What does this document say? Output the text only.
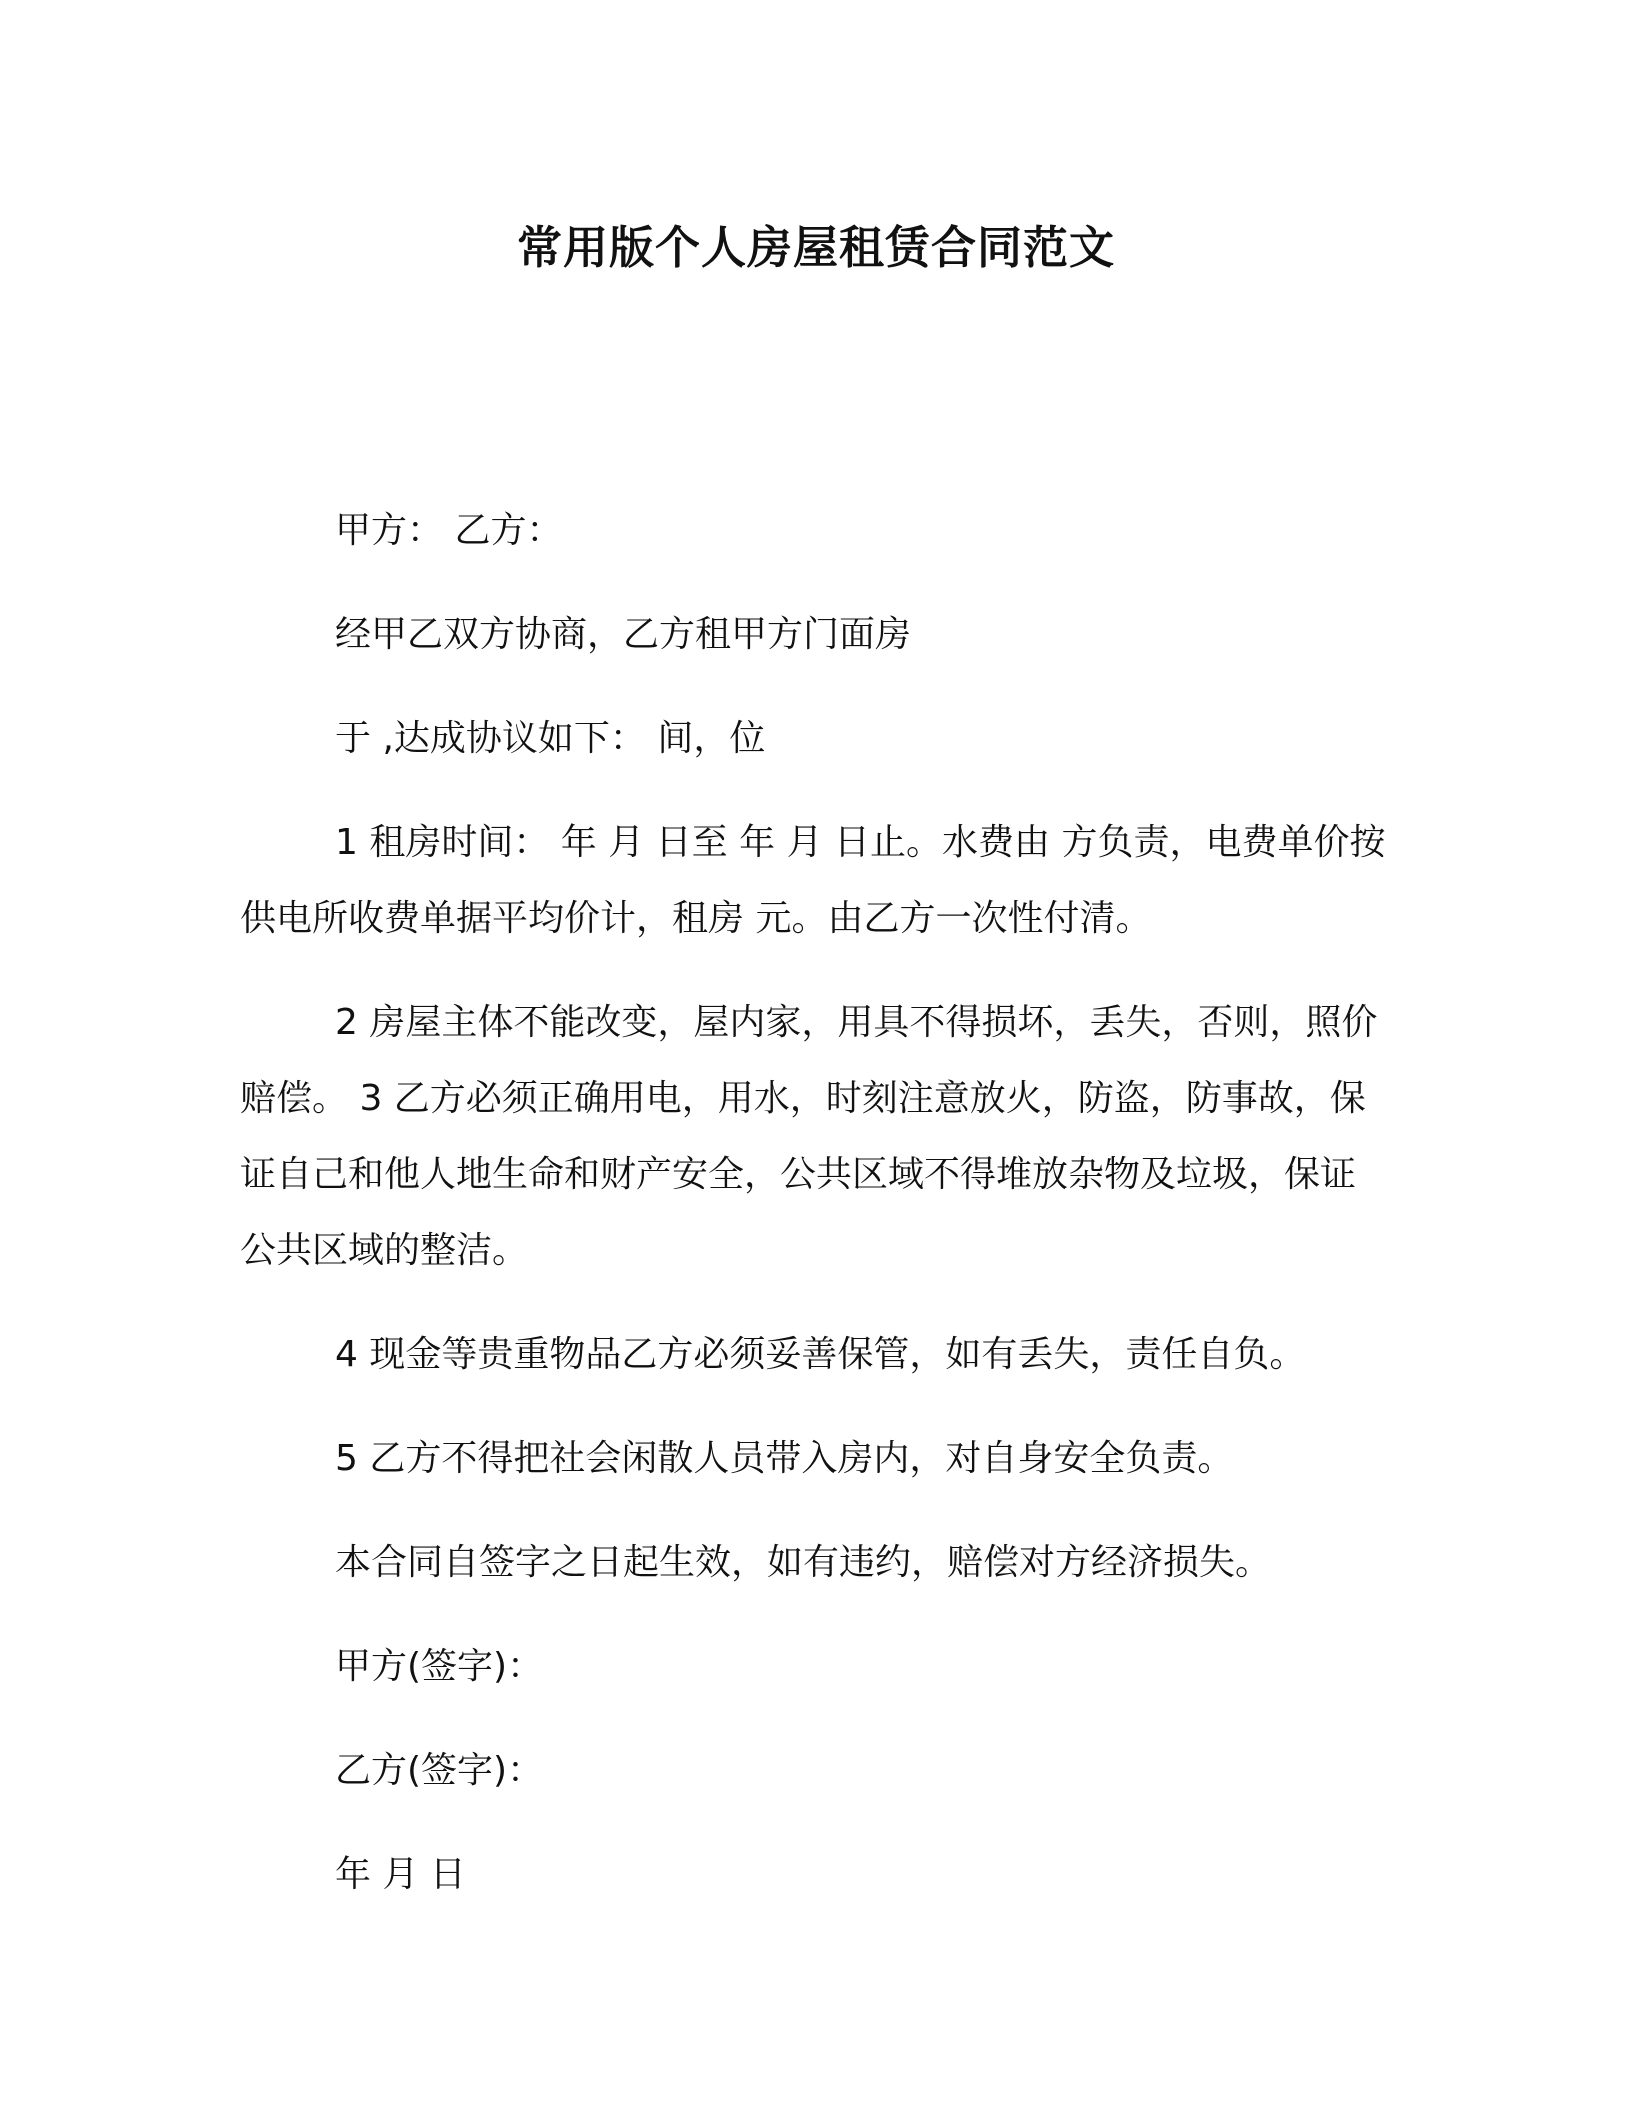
常用版个人房屋租赁合同范文

甲方： 乙方：

经甲乙双方协商，乙方租甲方门面房

于 ,达成协议如下： 间，位

1 租房时间： 年 月 日至 年 月 日止。水费由 方负责，电费单价按供电所收费单据平均价计，租房 元。由乙方一次性付清。

2 房屋主体不能改变，屋内家，用具不得损坏，丢失，否则，照价赔偿。 3 乙方必须正确用电，用水，时刻注意放火，防盗，防事故，保证自己和他人地生命和财产安全，公共区域不得堆放杂物及垃圾，保证公共区域的整洁。

4 现金等贵重物品乙方必须妥善保管，如有丢失，责任自负。

5 乙方不得把社会闲散人员带入房内，对自身安全负责。

本合同自签字之日起生效，如有违约，赔偿对方经济损失。

甲方(签字)：

乙方(签字)：

年 月 日
